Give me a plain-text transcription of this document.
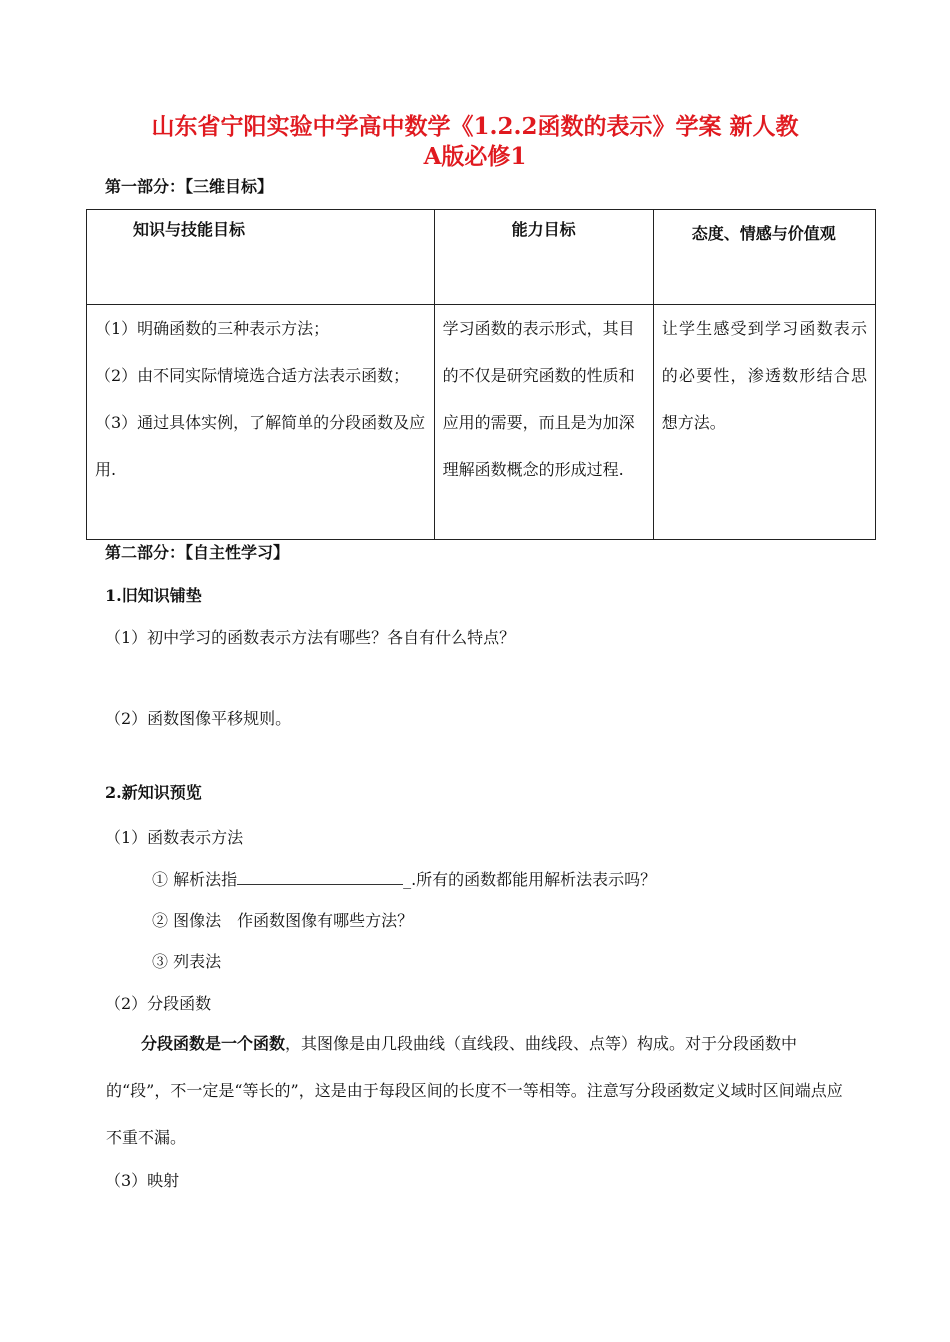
山东省宁阳实验中学高中数学《1.2.2函数的表示》学案 新人教
A版必修1
第一部分：【三维目标】
知识与技能目标	能力目标	态度、情感与价值观

（1）明确函数的三种表示方法；
（2）由不同实际情境选合适方法表示函数；
（3）通过具体实例，了解简单的分段函数及应用.	学习函数的表示形式，其目的不仅是研究函数的性质和应用的需要，而且是为加深理解函数概念的形成过程.	让学生感受到学习函数表示的必要性，渗透数形结合思想方法。
第二部分：【自主性学习】
1.旧知识铺垫
（1）初中学习的函数表示方法有哪些？各自有什么特点？
（2）函数图像平移规则。
2.新知识预览
（1）函数表示方法
① 解析法指	_.所有的函数都能用解析法表示吗？
② 图像法　作函数图像有哪些方法？
③ 列表法
（2）分段函数
分段函数是一个函数，其图像是由几段曲线（直线段、曲线段、点等）构成。对于分段函数中的“段”，不一定是“等长的”，这是由于每段区间的长度不一等相等。注意写分段函数定义域时区间端点应不重不漏。
（3）映射
